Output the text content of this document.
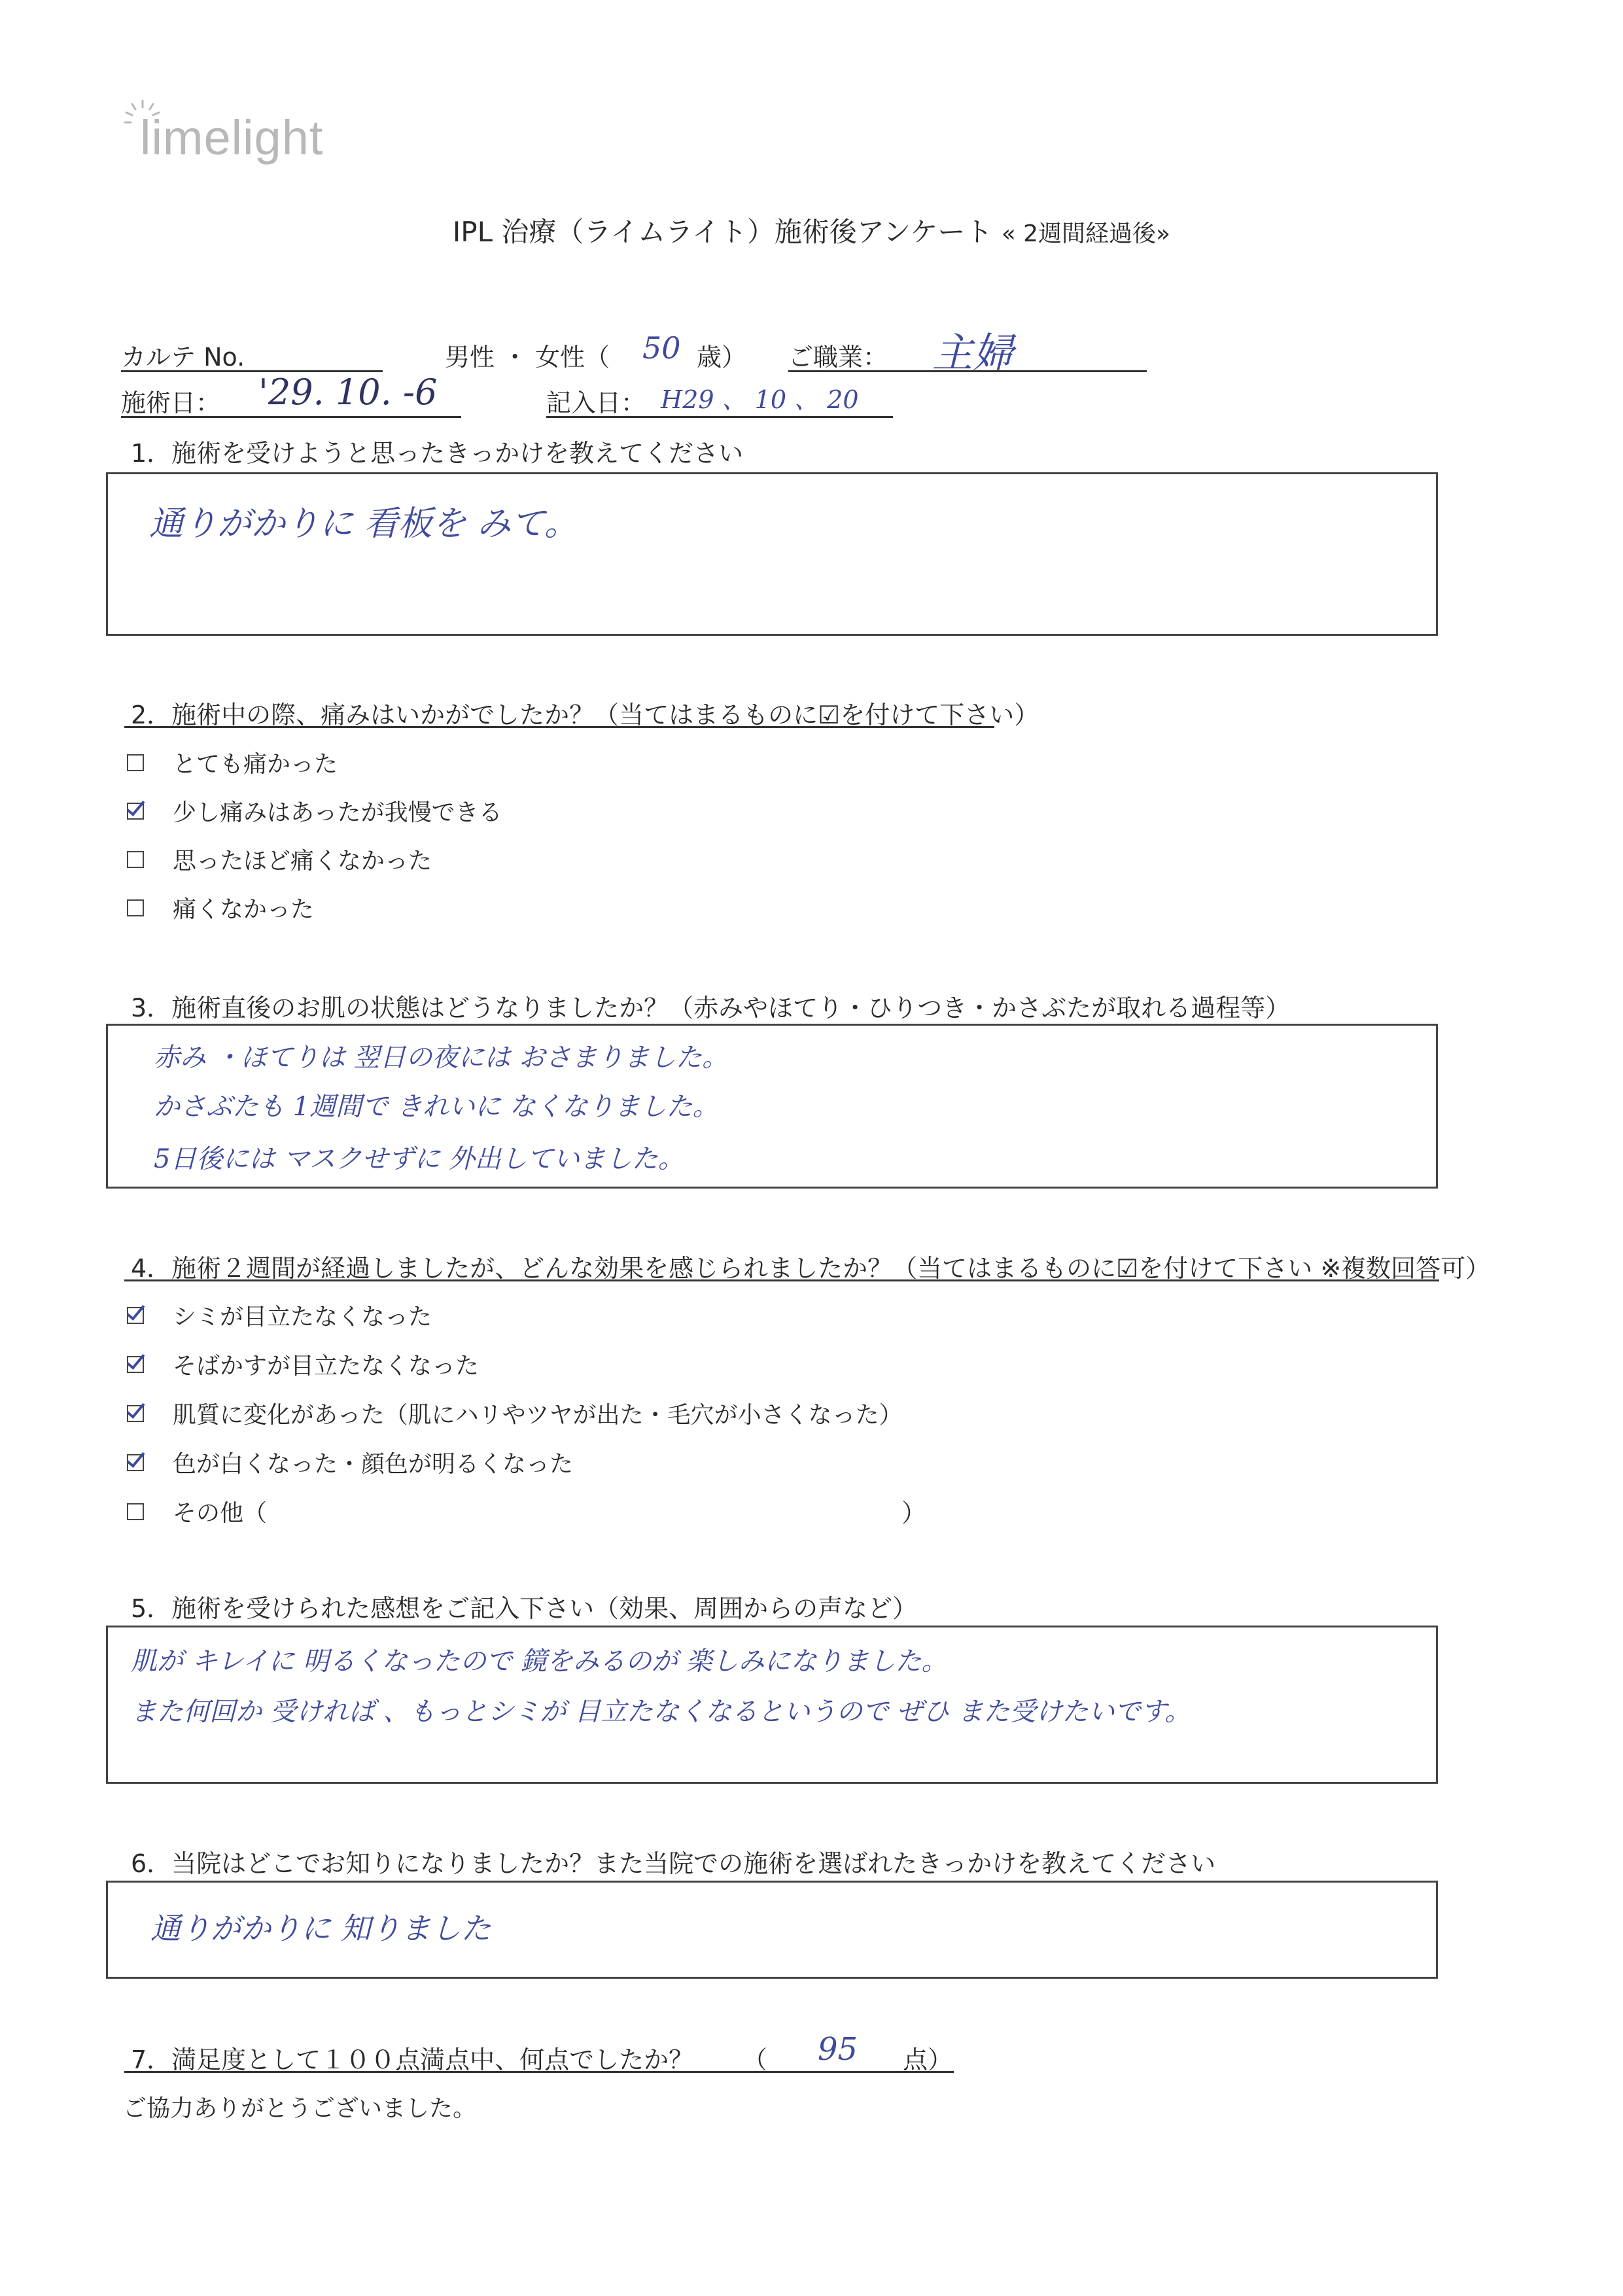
limelight
IPL 治療（ライムライト）施術後アンケート « 2週間経過後»
カルテ No.	男性 ・ 女性（ 50 歳） ご職業： 主婦
施術日： '29. 10. -6	記入日： H29 、 10 、 20
1．施術を受けようと思ったきっかけを教えてください
通りがかりに 看板を みて。
2．施術中の際、痛みはいかがでしたか？（当てはまるものに☑を付けて下さい）
とても痛かった
少し痛みはあったが我慢できる
思ったほど痛くなかった
痛くなかった
3．施術直後のお肌の状態はどうなりましたか？（赤みやほてり・ひりつき・かさぶたが取れる過程等）
赤み ・ほてりは 翌日の夜には おさまりました。
かさぶたも 1週間で きれいに なくなりました。
5日後には マスクせずに 外出していました。
4．施術２週間が経過しましたが、どんな効果を感じられましたか？（当てはまるものに☑を付けて下さい ※複数回答可）
シミが目立たなくなった
そばかすが目立たなくなった
肌質に変化があった（肌にハリやツヤが出た・毛穴が小さくなった）
色が白くなった・顔色が明るくなった
その他（	）
5．施術を受けられた感想をご記入下さい（効果、周囲からの声など）
肌が キレイに 明るくなったので 鏡をみるのが 楽しみになりました。
また何回か 受ければ 、もっとシミが 目立たなくなるというので ぜひ また受けたいです。
6．当院はどこでお知りになりましたか？また当院での施術を選ばれたきっかけを教えてください
通りがかりに 知りました
7．満足度として１００点満点中、何点でしたか？ （ 95 点）
ご協力ありがとうございました。
